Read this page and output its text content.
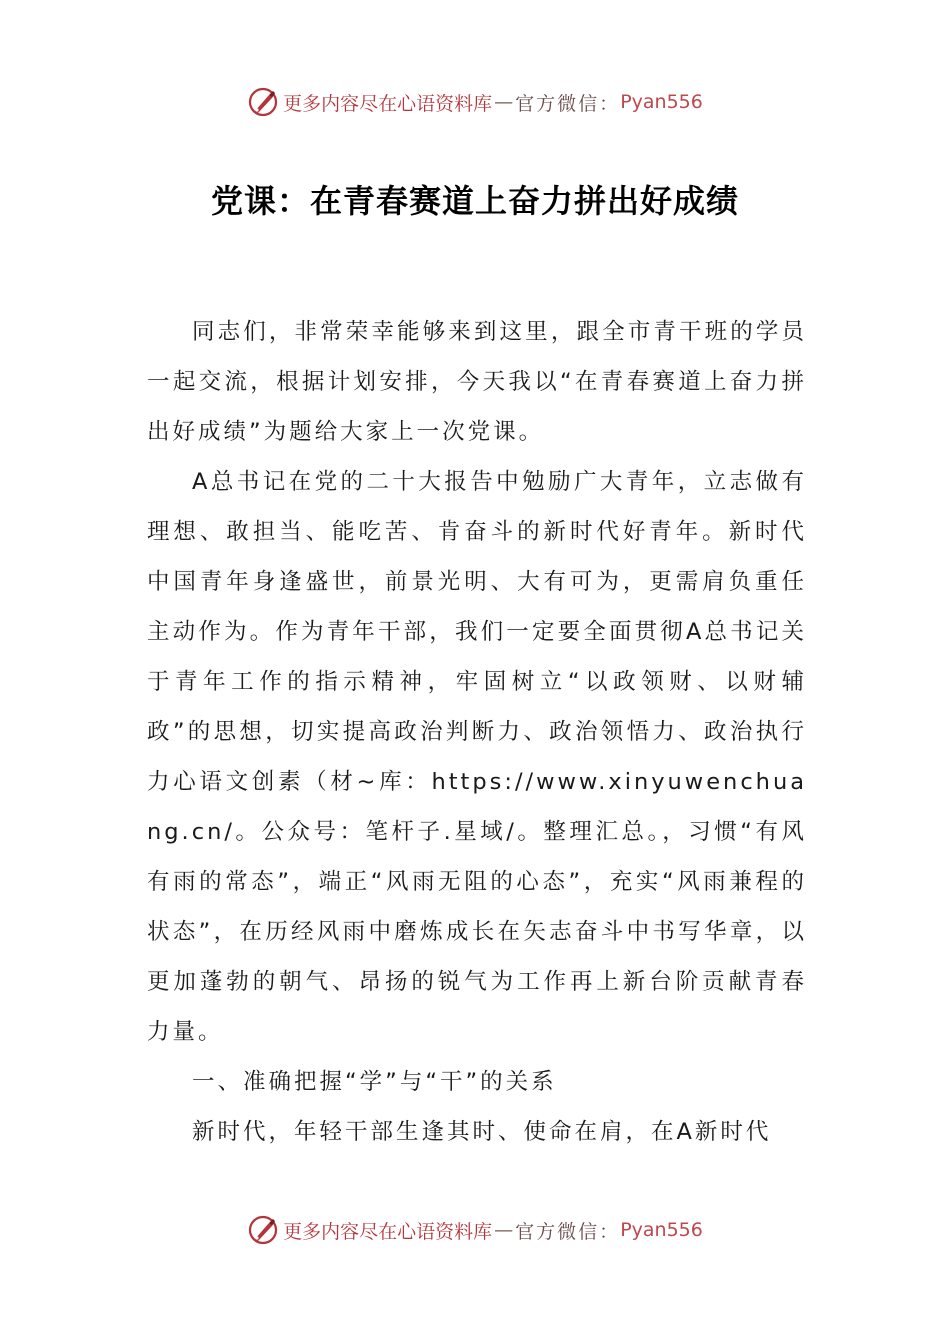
更多内容尽在心语资料库 — 官方微信： Pyan556
党课：在青春赛道上奋力拼出好成绩

同志们，非常荣幸能够来到这里，跟全市青干班的学员一起交流，根据计划安排，今天我以“在青春赛道上奋力拼出好成绩”为题给大家上一次党课。

A总书记在党的二十大报告中勉励广大青年，立志做有理想、敢担当、能吃苦、肯奋斗的新时代好青年。新时代中国青年身逢盛世，前景光明、大有可为，更需肩负重任主动作为。作为青年干部，我们一定要全面贯彻A总书记关于青年工作的指示精神，牢固树立“以政领财、以财辅政”的思想，切实提高政治判断力、政治领悟力、政治执行力心语文创素（材~库：https://www.xinyuwenchuang.cn/。公众号：笔杆子.星域/。整理汇总。，习惯“有风有雨的常态”，端正“风雨无阻的心态”，充实“风雨兼程的状态”，在历经风雨中磨炼成长在矢志奋斗中书写华章，以更加蓬勃的朝气、昂扬的锐气为工作再上新台阶贡献青春力量。

一、准确把握“学”与“干”的关系

新时代，年轻干部生逢其时、使命在肩，在A新时代

更多内容尽在心语资料库 — 官方微信： Pyan556
